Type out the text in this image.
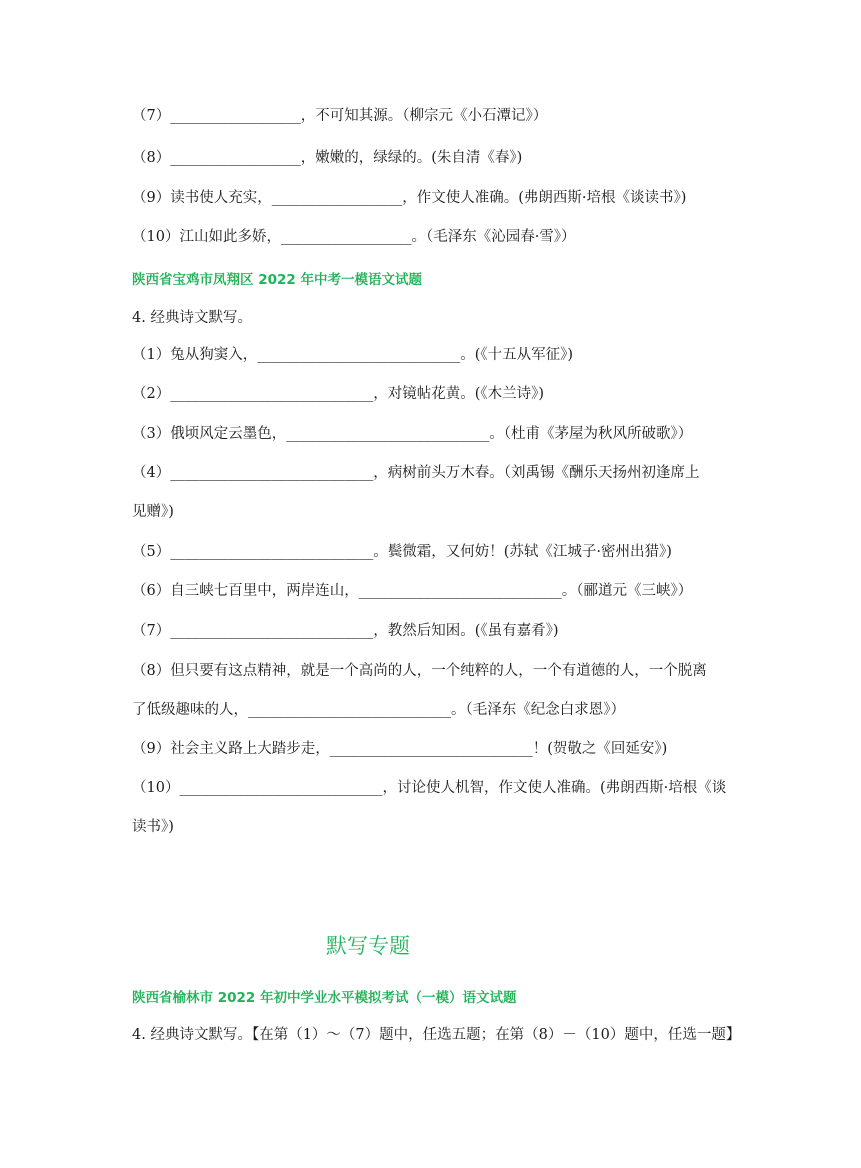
（7）__________________，不可知其源。（柳宗元《小石潭记》）
（8）__________________，嫩嫩的，绿绿的。(朱自清《春》)
（9）读书使人充实，__________________，作文使人准确。(弗朗西斯·培根《谈读书》)
（10）江山如此多娇，__________________。（毛泽东《沁园春·雪》）
陕西省宝鸡市凤翔区 2022 年中考一模语文试题
4. 经典诗文默写。
（1）兔从狗窦入，____________________________。(《十五从军征》)
（2）____________________________，对镜帖花黄。(《木兰诗》)
（3）俄顷风定云墨色，____________________________。（杜甫《茅屋为秋风所破歌》）
（4）____________________________，病树前头万木春。（刘禹锡《酬乐天扬州初逢席上
见赠》)
（5）____________________________。鬓微霜，又何妨！(苏轼《江城子·密州出猎》)
（6）自三峡七百里中，两岸连山，____________________________。（郦道元《三峡》）
（7）____________________________，教然后知困。(《虽有嘉肴》)
（8）但只要有这点精神，就是一个高尚的人，一个纯粹的人，一个有道德的人，一个脱离
了低级趣味的人，____________________________。（毛泽东《纪念白求恩》）
（9）社会主义路上大踏步走，____________________________！(贺敬之《回延安》)
（10）____________________________，讨论使人机智，作文使人准确。(弗朗西斯·培根《谈
读书》)
默写专题
陕西省榆林市 2022 年初中学业水平模拟考试（一模）语文试题
4. 经典诗文默写。【在第（1）～（7）题中，任选五题；在第（8）－（10）题中，任选一题】
